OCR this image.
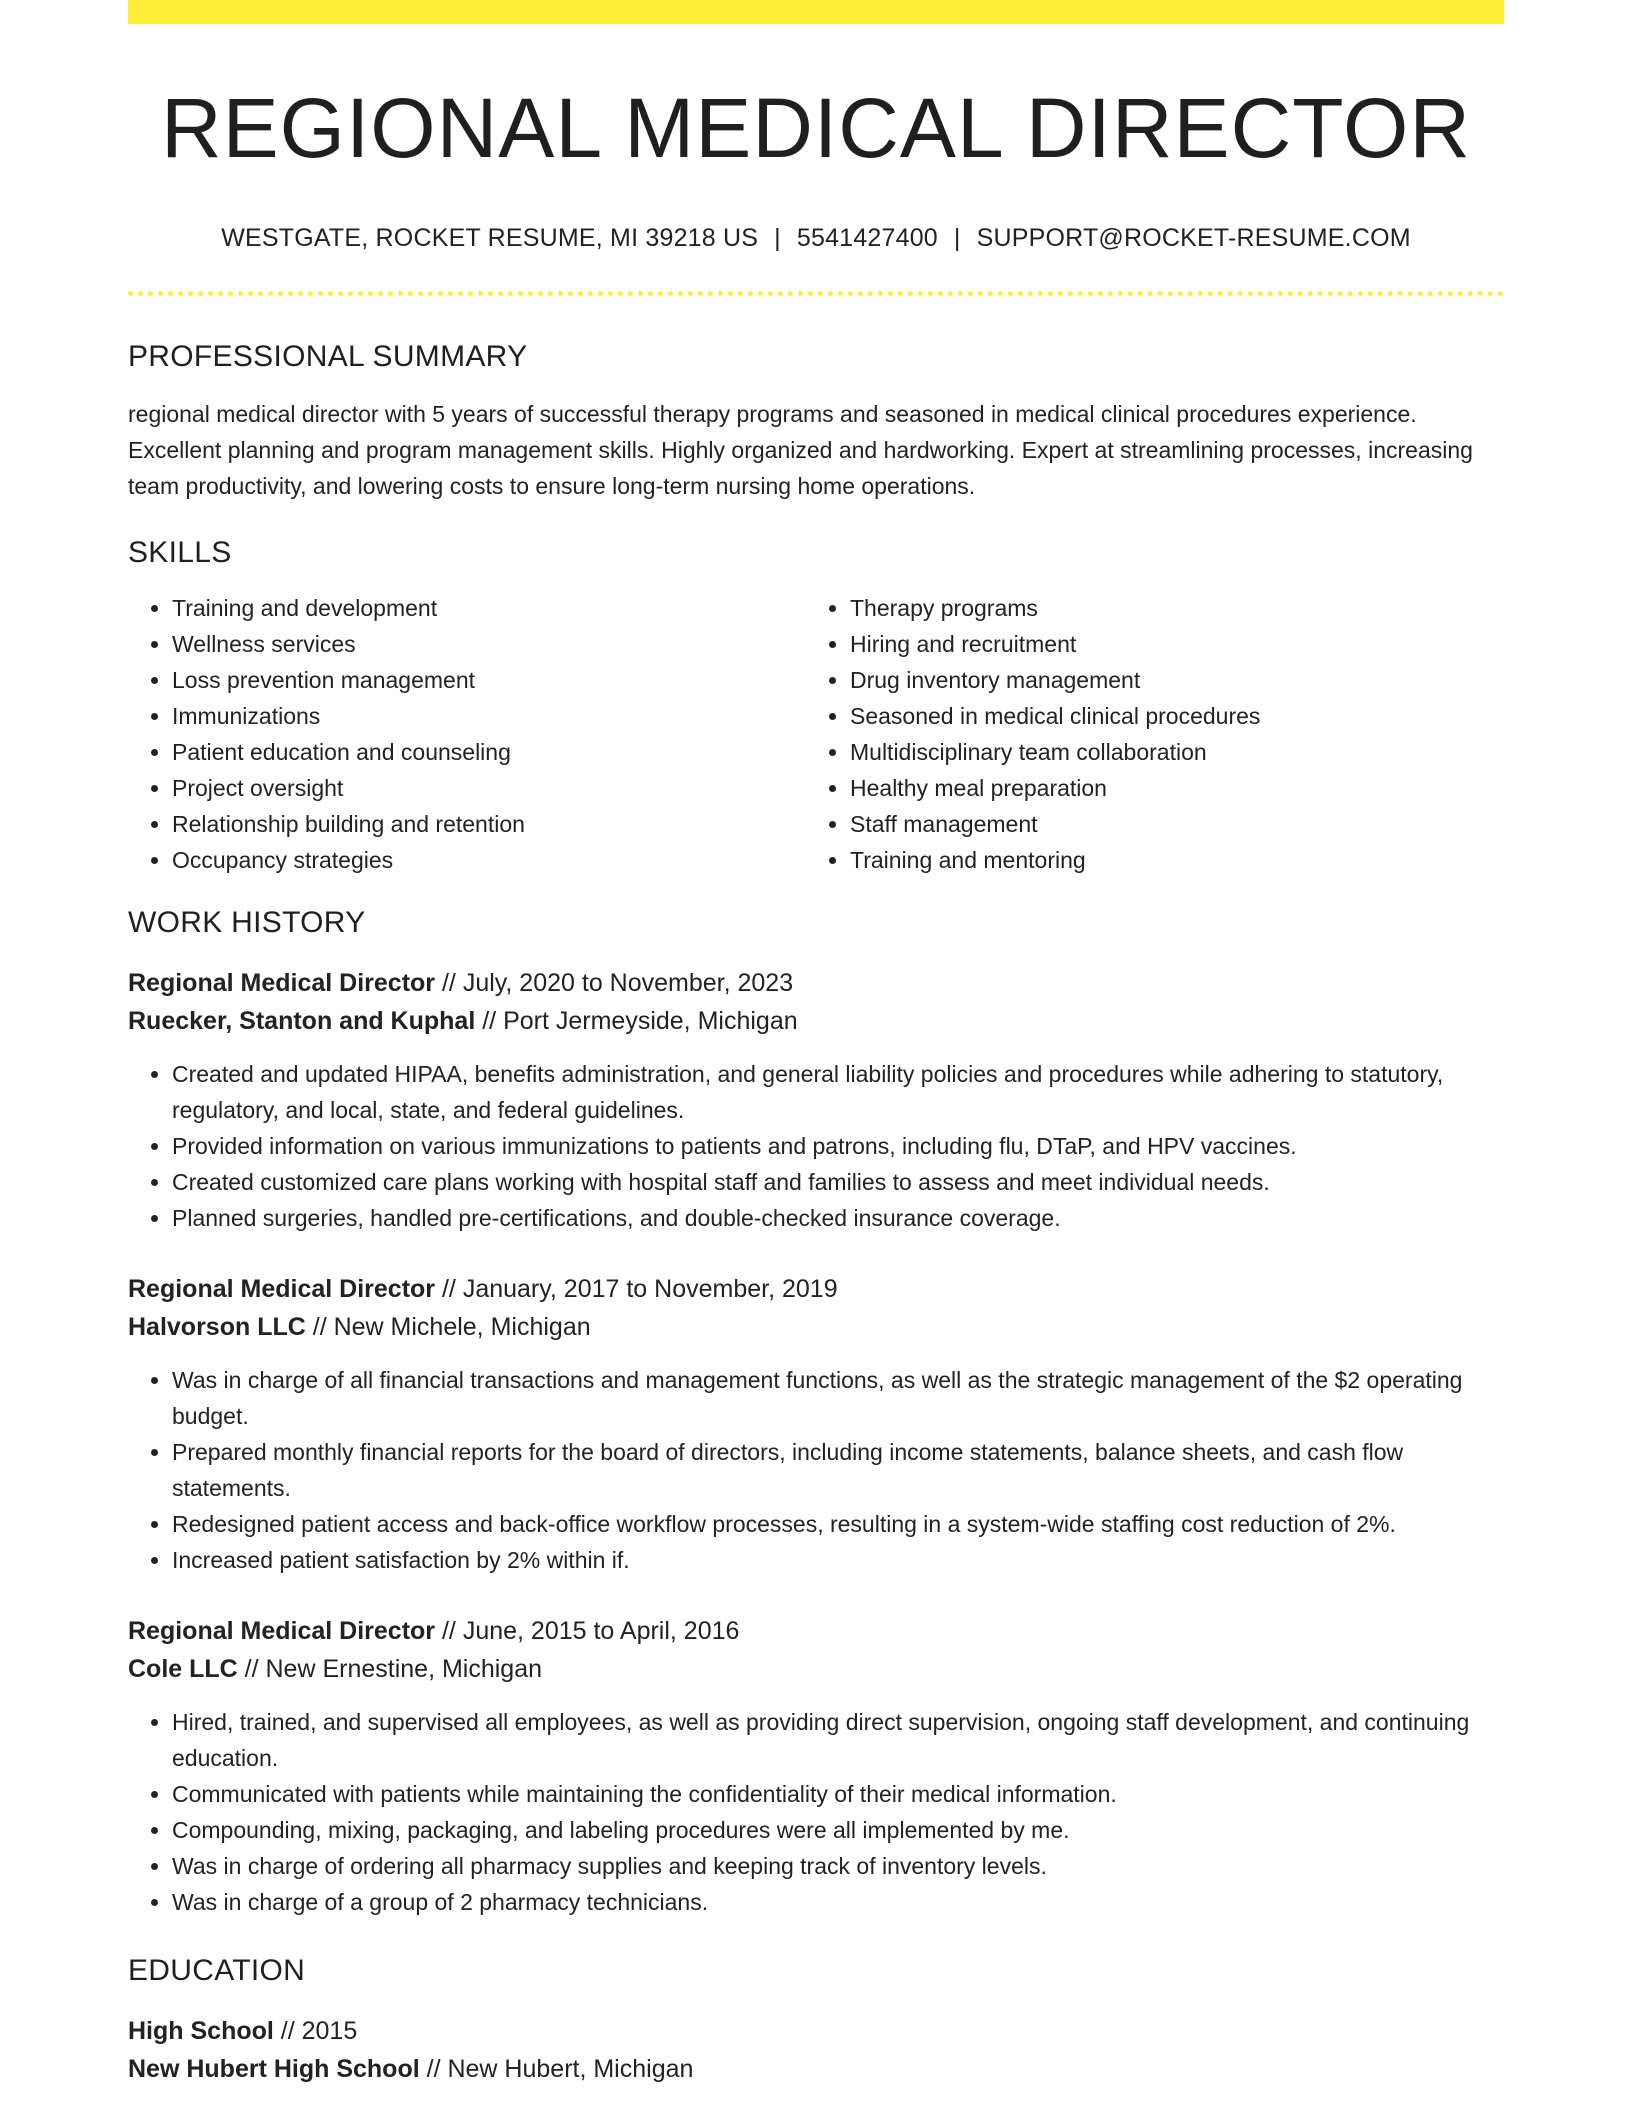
REGIONAL MEDICAL DIRECTOR
WESTGATE, ROCKET RESUME, MI 39218 US | 5541427400 | SUPPORT@ROCKET-RESUME.COM
PROFESSIONAL SUMMARY

regional medical director with 5 years of successful therapy programs and seasoned in medical clinical procedures experience. Excellent planning and program management skills. Highly organized and hardworking. Expert at streamlining processes, increasing team productivity, and lowering costs to ensure long-term nursing home operations.

SKILLS
• Training and development
• Wellness services
• Loss prevention management
• Immunizations
• Patient education and counseling
• Project oversight
• Relationship building and retention
• Occupancy strategies
• Therapy programs
• Hiring and recruitment
• Drug inventory management
• Seasoned in medical clinical procedures
• Multidisciplinary team collaboration
• Healthy meal preparation
• Staff management
• Training and mentoring
WORK HISTORY
Regional Medical Director // July, 2020 to November, 2023
Ruecker, Stanton and Kuphal // Port Jermeyside, Michigan
• Created and updated HIPAA, benefits administration, and general liability policies and procedures while adhering to statutory, regulatory, and local, state, and federal guidelines.
• Provided information on various immunizations to patients and patrons, including flu, DTaP, and HPV vaccines.
• Created customized care plans working with hospital staff and families to assess and meet individual needs.
• Planned surgeries, handled pre-certifications, and double-checked insurance coverage.
Regional Medical Director // January, 2017 to November, 2019
Halvorson LLC // New Michele, Michigan
• Was in charge of all financial transactions and management functions, as well as the strategic management of the $2 operating budget.
• Prepared monthly financial reports for the board of directors, including income statements, balance sheets, and cash flow statements.
• Redesigned patient access and back-office workflow processes, resulting in a system-wide staffing cost reduction of 2%.
• Increased patient satisfaction by 2% within if.
Regional Medical Director // June, 2015 to April, 2016
Cole LLC // New Ernestine, Michigan
• Hired, trained, and supervised all employees, as well as providing direct supervision, ongoing staff development, and continuing education.
• Communicated with patients while maintaining the confidentiality of their medical information.
• Compounding, mixing, packaging, and labeling procedures were all implemented by me.
• Was in charge of ordering all pharmacy supplies and keeping track of inventory levels.
• Was in charge of a group of 2 pharmacy technicians.
EDUCATION
High School // 2015
New Hubert High School // New Hubert, Michigan
